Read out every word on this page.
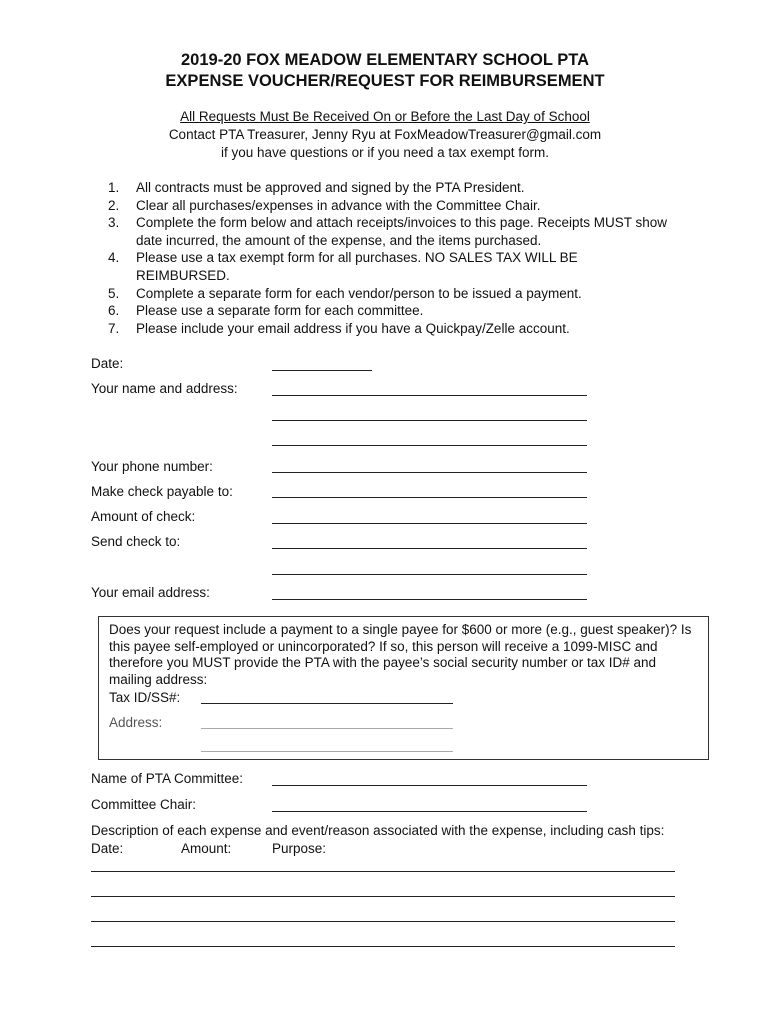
2019-20 FOX MEADOW ELEMENTARY SCHOOL PTA
EXPENSE VOUCHER/REQUEST FOR REIMBURSEMENT
All Requests Must Be Received On or Before the Last Day of School
Contact PTA Treasurer, Jenny Ryu at FoxMeadowTreasurer@gmail.com
if you have questions or if you need a tax exempt form.
1.	All contracts must be approved and signed by the PTA President.
2.	Clear all purchases/expenses in advance with the Committee Chair.
3.	Complete the form below and attach receipts/invoices to this page. Receipts MUST show date incurred, the amount of the expense, and the items purchased.
4.	Please use a tax exempt form for all purchases. NO SALES TAX WILL BE REIMBURSED.
5.	Complete a separate form for each vendor/person to be issued a payment.
6.	Please use a separate form for each committee.
7.	Please include your email address if you have a Quickpay/Zelle account.
Date:
Your name and address:
Your phone number:
Make check payable to:
Amount of check:
Send check to:
Your email address:
Does your request include a payment to a single payee for $600 or more (e.g., guest speaker)? Is this payee self-employed or unincorporated? If so, this person will receive a 1099-MISC and therefore you MUST provide the PTA with the payee’s social security number or tax ID# and mailing address:
Tax ID/SS#:
Address:
Name of PTA Committee:
Committee Chair:
Description of each expense and event/reason associated with the expense, including cash tips:
Date:	Amount:	Purpose:
